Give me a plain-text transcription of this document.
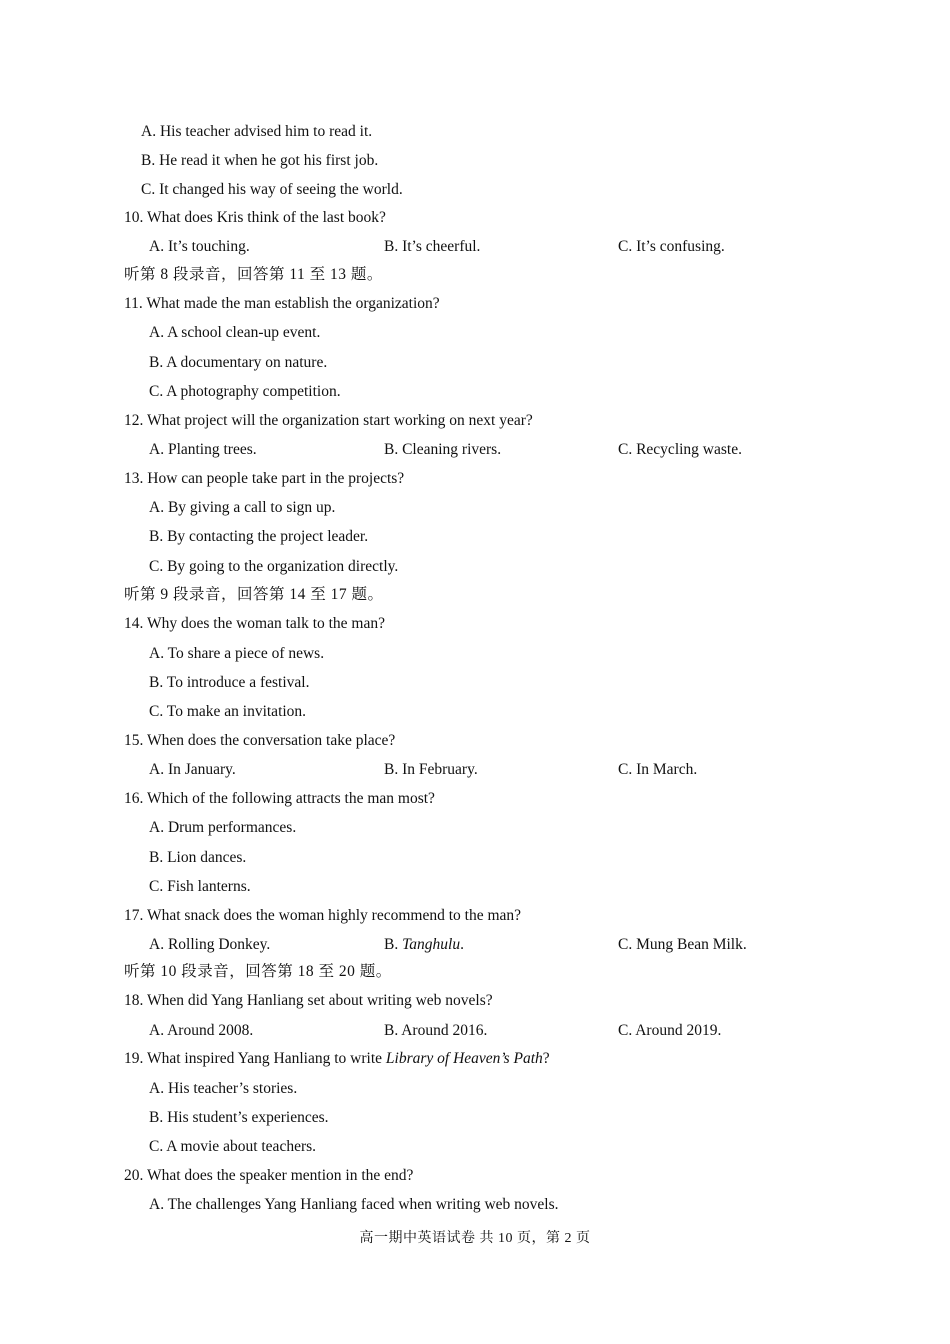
A. His teacher advised him to read it.
B. He read it when he got his first job.
C. It changed his way of seeing the world.
10. What does Kris think of the last book?
A. It’s touching.	B. It’s cheerful.	C. It’s confusing.
听第 8 段录音，回答第 11 至 13 题。
11. What made the man establish the organization?
A. A school clean-up event.
B. A documentary on nature.
C. A photography competition.
12. What project will the organization start working on next year?
A. Planting trees.	B. Cleaning rivers.	C. Recycling waste.
13. How can people take part in the projects?
A. By giving a call to sign up.
B. By contacting the project leader.
C. By going to the organization directly.
听第 9 段录音，回答第 14 至 17 题。
14. Why does the woman talk to the man?
A. To share a piece of news.
B. To introduce a festival.
C. To make an invitation.
15. When does the conversation take place?
A. In January.	B. In February.	C. In March.
16. Which of the following attracts the man most?
A. Drum performances.
B. Lion dances.
C. Fish lanterns.
17. What snack does the woman highly recommend to the man?
A. Rolling Donkey.	B. Tanghulu.	C. Mung Bean Milk.
听第 10 段录音，回答第 18 至 20 题。
18. When did Yang Hanliang set about writing web novels?
A. Around 2008.	B. Around 2016.	C. Around 2019.
19. What inspired Yang Hanliang to write Library of Heaven’s Path?
A. His teacher’s stories.
B. His student’s experiences.
C. A movie about teachers.
20. What does the speaker mention in the end?
A. The challenges Yang Hanliang faced when writing web novels.
高一期中英语试卷 共 10 页，第 2 页
